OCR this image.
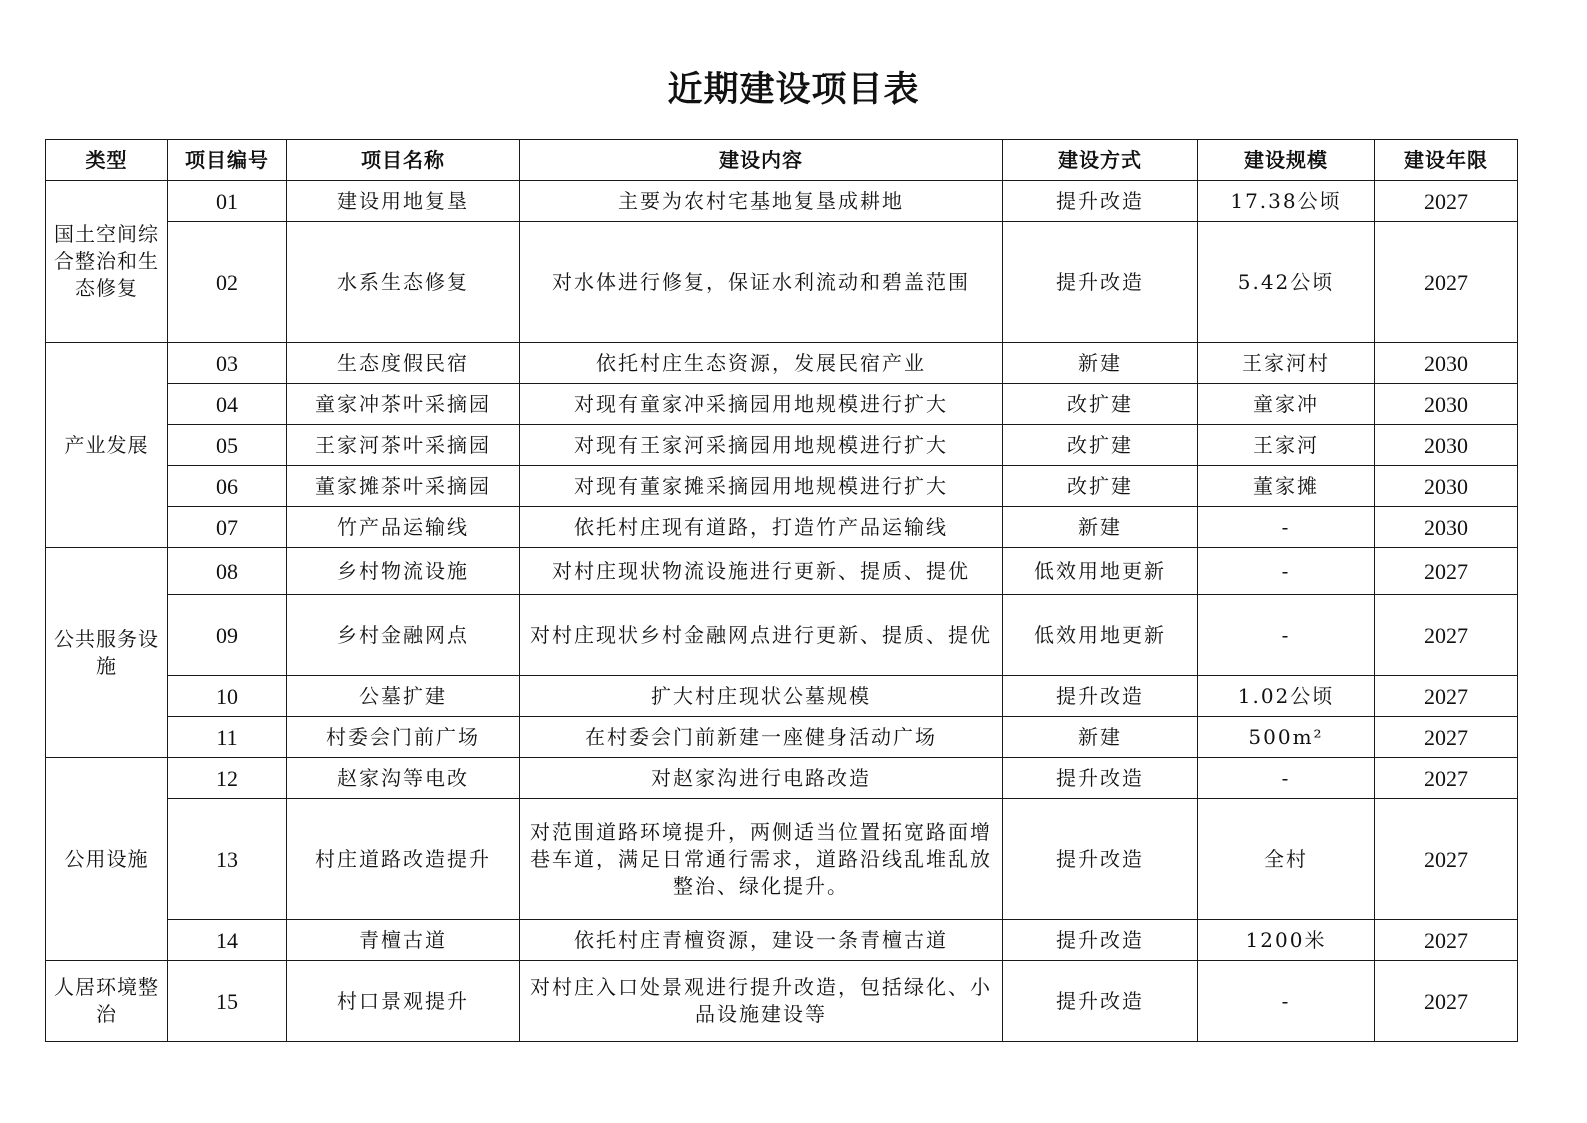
近期建设项目表
类型	项目编号	项目名称	建设内容	建设方式	建设规模	建设年限
国土空间综合整治和生态修复	01	建设用地复垦	主要为农村宅基地复垦成耕地	提升改造	17.38公顷	2027
	02	水系生态修复	对水体进行修复，保证水利流动和碧盖范围	提升改造	5.42公顷	2027
产业发展	03	生态度假民宿	依托村庄生态资源，发展民宿产业	新建	王家河村	2030
	04	童家冲茶叶采摘园	对现有童家冲采摘园用地规模进行扩大	改扩建	童家冲	2030
	05	王家河茶叶采摘园	对现有王家河采摘园用地规模进行扩大	改扩建	王家河	2030
	06	董家摊茶叶采摘园	对现有董家摊采摘园用地规模进行扩大	改扩建	董家摊	2030
	07	竹产品运输线	依托村庄现有道路，打造竹产品运输线	新建	-	2030
公共服务设施	08	乡村物流设施	对村庄现状物流设施进行更新、提质、提优	低效用地更新	-	2027
	09	乡村金融网点	对村庄现状乡村金融网点进行更新、提质、提优	低效用地更新	-	2027
	10	公墓扩建	扩大村庄现状公墓规模	提升改造	1.02公顷	2027
	11	村委会门前广场	在村委会门前新建一座健身活动广场	新建	500m²	2027
公用设施	12	赵家沟等电改	对赵家沟进行电路改造	提升改造	-	2027
	13	村庄道路改造提升	对范围道路环境提升，两侧适当位置拓宽路面增巷车道，满足日常通行需求，道路沿线乱堆乱放整治、绿化提升。	提升改造	全村	2027
	14	青檀古道	依托村庄青檀资源，建设一条青檀古道	提升改造	1200米	2027
人居环境整治	15	村口景观提升	对村庄入口处景观进行提升改造，包括绿化、小品设施建设等	提升改造	-	2027
